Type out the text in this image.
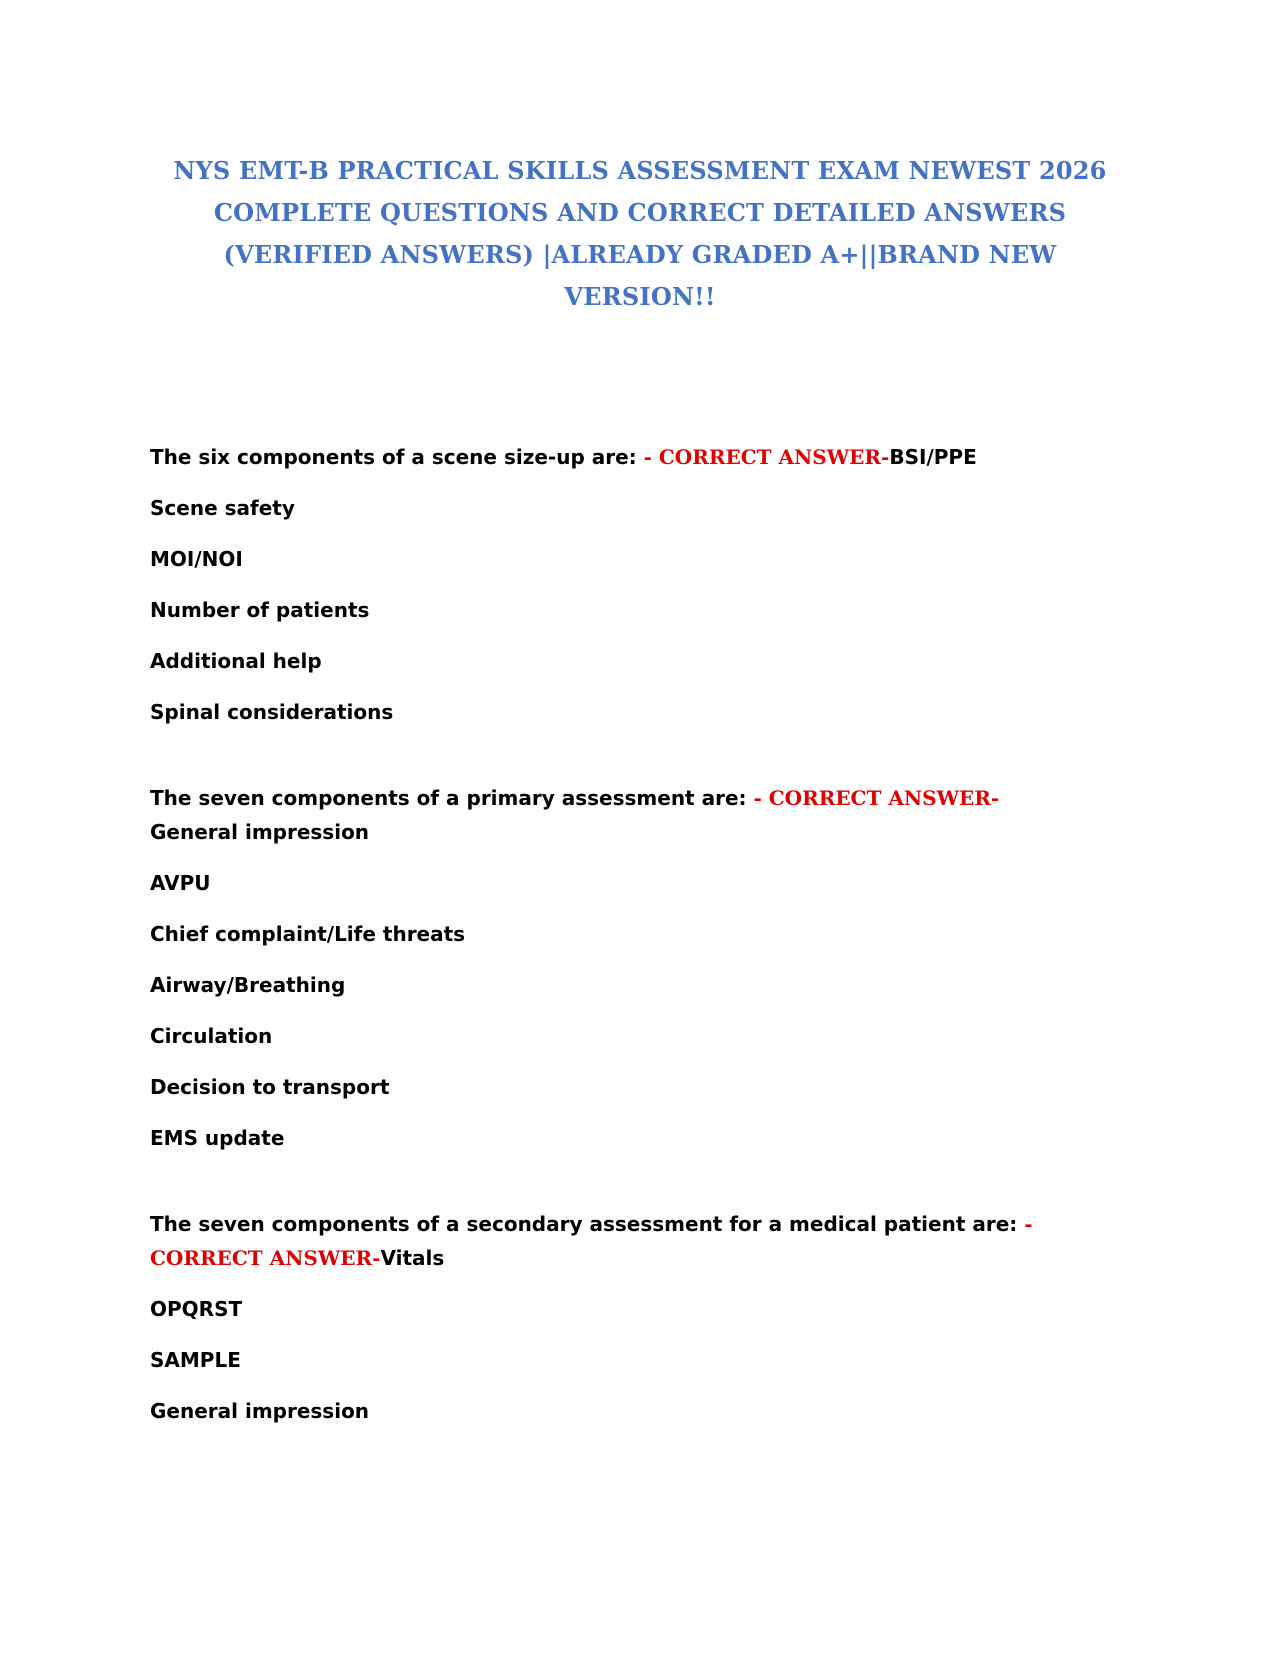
NYS EMT-B PRACTICAL SKILLS ASSESSMENT EXAM NEWEST 2026 COMPLETE QUESTIONS AND CORRECT DETAILED ANSWERS (VERIFIED ANSWERS) |ALREADY GRADED A+||BRAND NEW VERSION!!
The six components of a scene size-up are: - CORRECT ANSWER-BSI/PPE
Scene safety
MOI/NOI
Number of patients
Additional help
Spinal considerations
The seven components of a primary assessment are: - CORRECT ANSWER-General impression
AVPU
Chief complaint/Life threats
Airway/Breathing
Circulation
Decision to transport
EMS update
The seven components of a secondary assessment for a medical patient are: - CORRECT ANSWER-Vitals
OPQRST
SAMPLE
General impression
